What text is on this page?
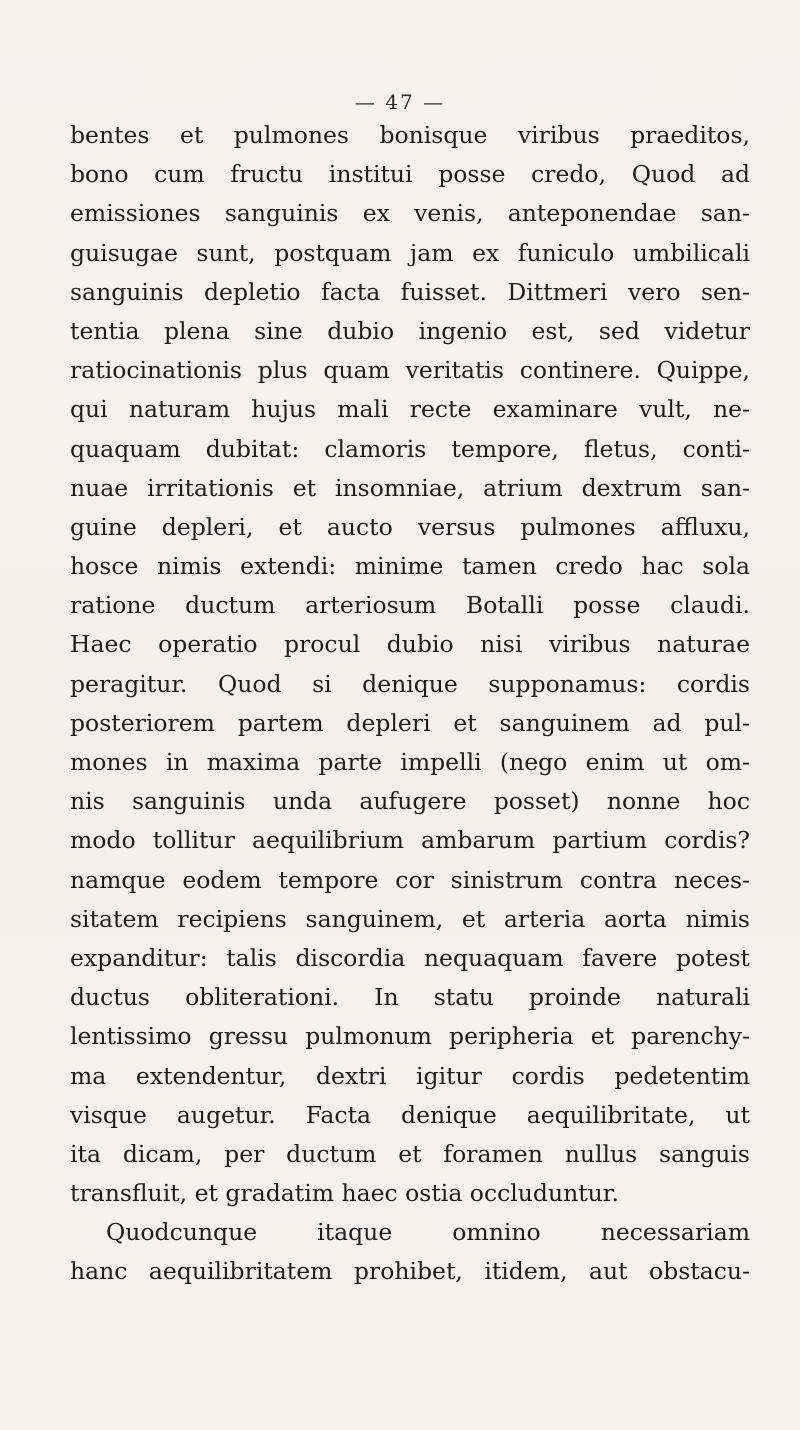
— 47 —
bentes et pulmones bonisque viribus praeditos,
bono cum fructu institui posse credo, Quod ad
emissiones sanguinis ex venis, anteponendae san-
guisugae sunt, postquam jam ex funiculo umbilicali
sanguinis depletio facta fuisset. Dittmeri vero sen-
tentia plena sine dubio ingenio est, sed videtur
ratiocinationis plus quam veritatis continere. Quippe,
qui naturam hujus mali recte examinare vult, ne-
quaquam dubitat: clamoris tempore, fletus, conti-
nuae irritationis et insomniae, atrium dextrum san-
guine depleri, et aucto versus pulmones affluxu,
hosce nimis extendi: minime tamen credo hac sola
ratione ductum arteriosum Botalli posse claudi.
Haec operatio procul dubio nisi viribus naturae
peragitur. Quod si denique supponamus: cordis
posteriorem partem depleri et sanguinem ad pul-
mones in maxima parte impelli (nego enim ut om-
nis sanguinis unda aufugere posset) nonne hoc
modo tollitur aequilibrium ambarum partium cordis?
namque eodem tempore cor sinistrum contra neces-
sitatem recipiens sanguinem, et arteria aorta nimis
expanditur: talis discordia nequaquam favere potest
ductus obliterationi. In statu proinde naturali
lentissimo gressu pulmonum peripheria et parenchy-
ma extendentur, dextri igitur cordis pedetentim
visque augetur. Facta denique aequilibritate, ut
ita dicam, per ductum et foramen nullus sanguis
transfluit, et gradatim haec ostia occluduntur.
Quodcunque itaque omnino necessariam
hanc aequilibritatem prohibet, itidem, aut obstacu-
